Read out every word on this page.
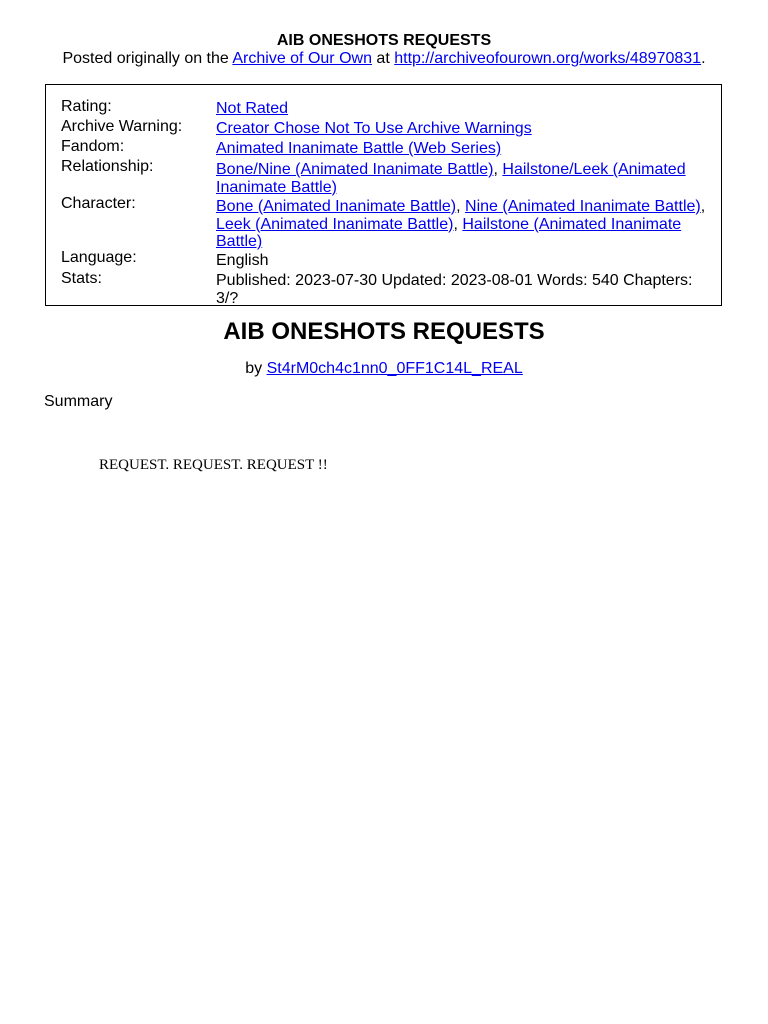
AIB ONESHOTS REQUESTS
Posted originally on the Archive of Our Own at http://archiveofourown.org/works/48970831.
Rating:	Not Rated
Archive Warning: Creator Chose Not To Use Archive Warnings
Fandom:	Animated Inanimate Battle (Web Series)
Relationship:	Bone/Nine (Animated Inanimate Battle), Hailstone/Leek (Animated Inanimate Battle)
Character:	Bone (Animated Inanimate Battle), Nine (Animated Inanimate Battle), Leek (Animated Inanimate Battle), Hailstone (Animated Inanimate Battle)
Language:	English
Stats:	Published: 2023-07-30 Updated: 2023-08-01 Words: 540 Chapters: 3/?
AIB ONESHOTS REQUESTS
by St4rM0ch4c1nn0_0FF1C14L_REAL
Summary
REQUEST. REQUEST. REQUEST !!
